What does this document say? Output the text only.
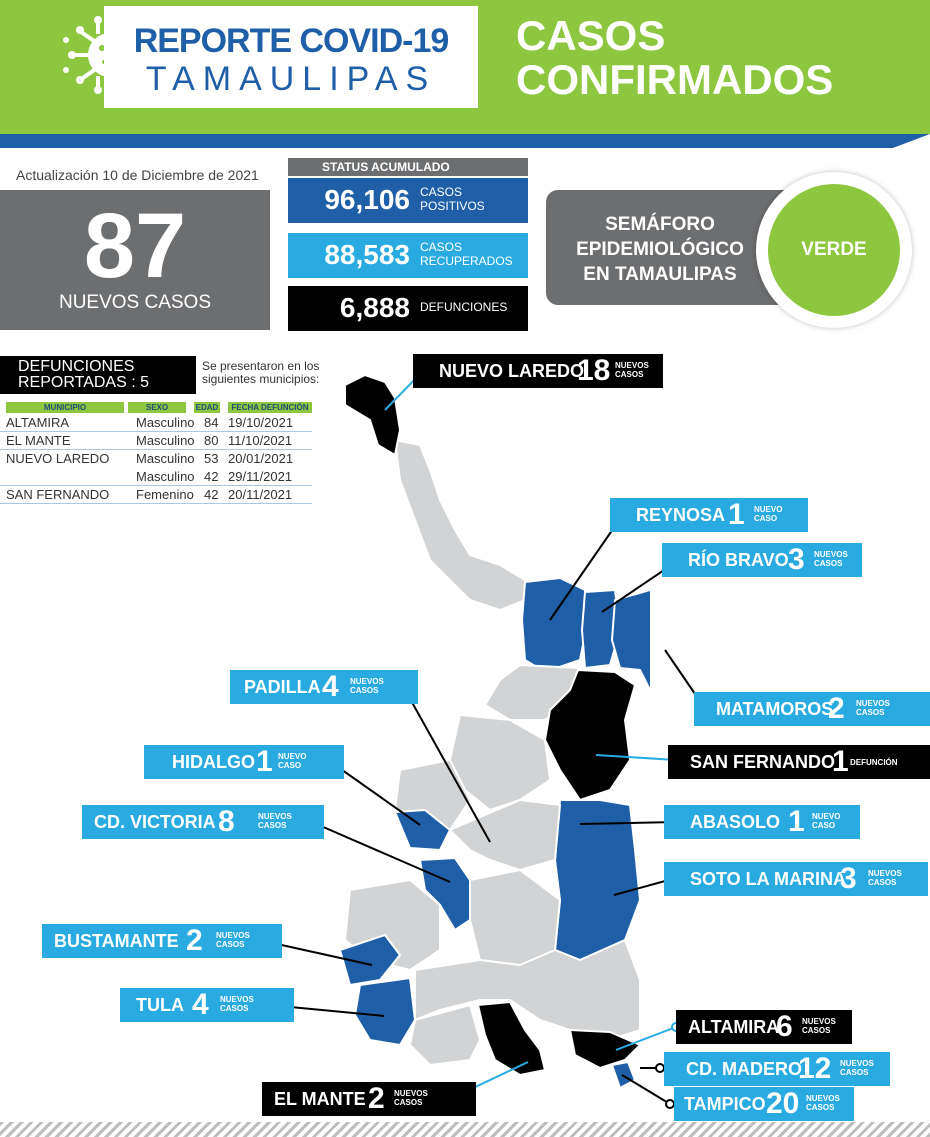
REPORTE COVID-19
TAMAULIPAS
CASOS
CONFIRMADOS
Actualización 10 de Diciembre de 2021
87
NUEVOS CASOS
STATUS ACUMULADO
96,106 CASOS
POSITIVOS
88,583 CASOS
RECUPERADOS
6,888 DEFUNCIONES
SEMÁFORO
EPIDEMIOLÓGICO
EN TAMAULIPAS
VERDE
DEFUNCIONES
REPORTADAS : 5
Se presentaron en los
siguientes municipios:
MUNICIPIO	SEXO	EDAD	FECHA DEFUNCIÓN
ALTAMIRA	Masculino 84 19/10/2021
EL MANTE	Masculino 80 11/10/2021
NUEVO LAREDO Masculino 53 20/01/2021
Masculino 42 29/11/2021
SAN FERNANDO Femenino 42 20/11/2021
NUEVO LAREDO
18 NUEVOS
CASOS
REYNOSA 1 NUEVO
CASO
RÍO BRAVO 3 NUEVOS
CASOS
PADILLA 4 NUEVOS
CASOS
MATAMOROS
2 NUEVOS
CASOS
HIDALGO 1 NUEVO
CASO	SAN FERNANDO
1 DEFUNCIÓN
CD. VICTORIA 8	NUEVOS
CASOS	ABASOLO 1 NUEVO
CASO
SOTO LA MARINA
3 NUEVOS
CASOS
BUSTAMANTE 2 NUEVOS
CASOS
TULA 4 NUEVOS
CASOS
ALTAMIRA
6 NUEVOS
CASOS
CD. MADERO
12 NUEVOS
CASOS
EL MANTE 2 NUEVOS
CASOS	TAMPICO 20 NUEVOS
CASOS
